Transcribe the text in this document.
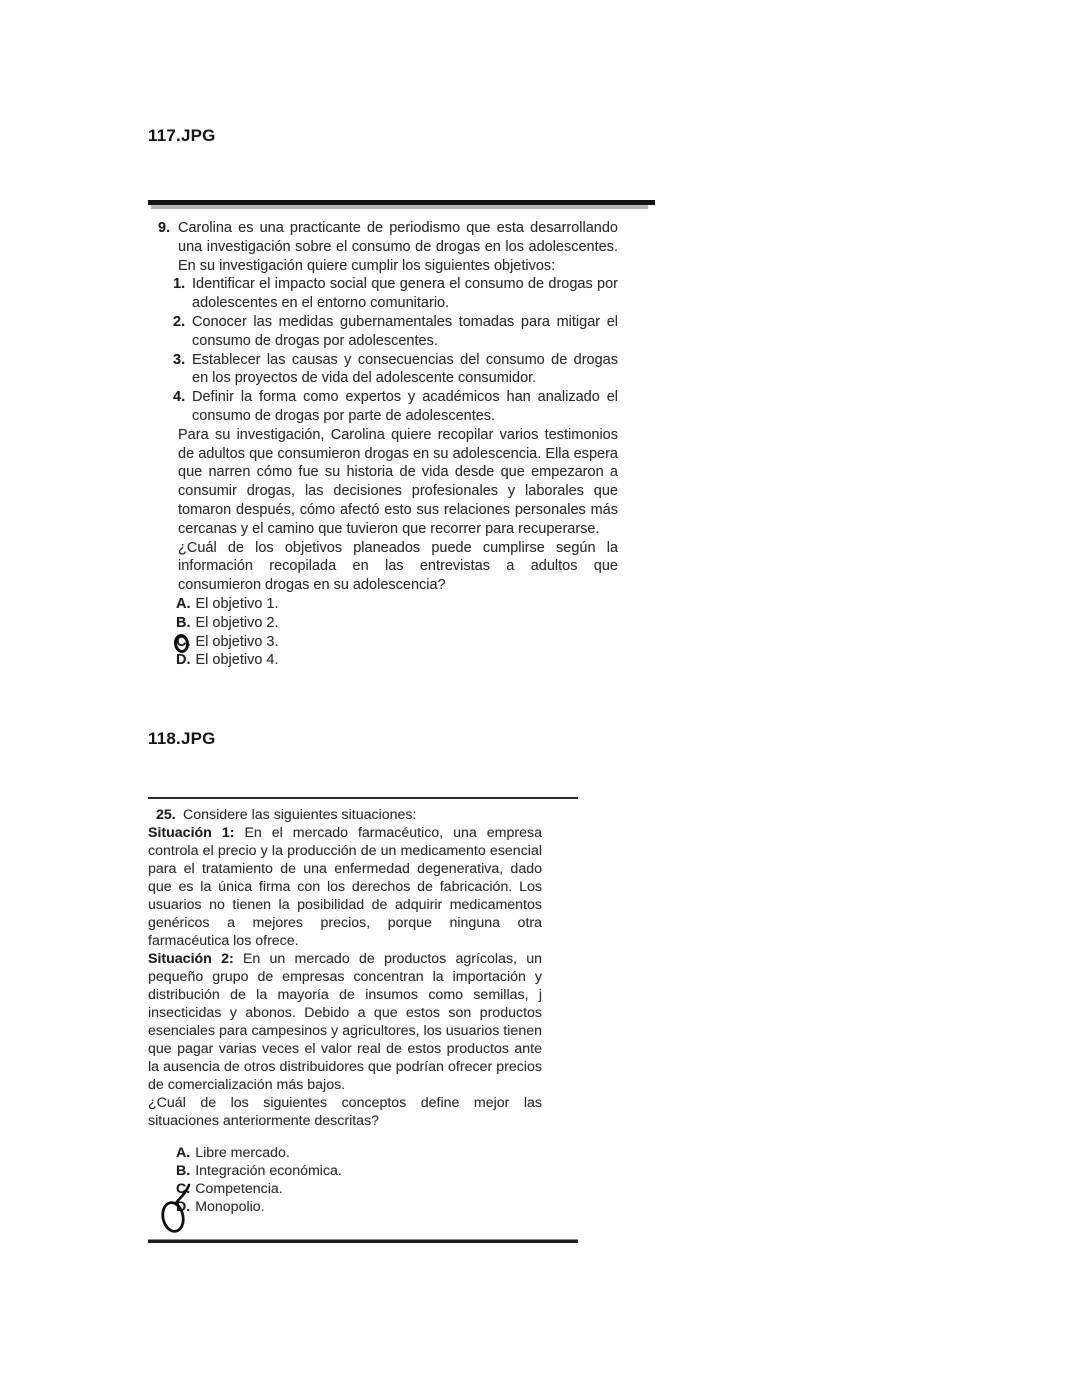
117.JPG
9. Carolina es una practicante de periodismo que esta desarrollando una investigación sobre el consumo de drogas en los adolescentes. En su investigación quiere cumplir los siguientes objetivos:

1. Identificar el impacto social que genera el consumo de drogas por adolescentes en el entorno comunitario.

2. Conocer las medidas gubernamentales tomadas para mitigar el consumo de drogas por adolescentes.

3. Establecer las causas y consecuencias del consumo de drogas en los proyectos de vida del adolescente consumidor.

4. Definir la forma como expertos y académicos han analizado el consumo de drogas por parte de adolescentes.

Para su investigación, Carolina quiere recopilar varios testimonios de adultos que consumieron drogas en su adolescencia. Ella espera que narren cómo fue su historia de vida desde que empezaron a consumir drogas, las decisiones profesionales y laborales que tomaron después, cómo afectó esto sus relaciones personales más cercanas y el camino que tuvieron que recorrer para recuperarse.

¿Cuál de los objetivos planeados puede cumplirse según la información recopilada en las entrevistas a adultos que consumieron drogas en su adolescencia?

A. El objetivo 1.
B. El objetivo 2.
C. El objetivo 3.
D. El objetivo 4.
118.JPG
25. Considere las siguientes situaciones:

Situación 1: En el mercado farmacéutico, una empresa controla el precio y la producción de un medicamento esencial para el tratamiento de una enfermedad degenerativa, dado que es la única firma con los derechos de fabricación. Los usuarios no tienen la posibilidad de adquirir medicamentos genéricos a mejores precios, porque ninguna otra farmacéutica los ofrece.

Situación 2: En un mercado de productos agrícolas, un pequeño grupo de empresas concentran la importación y distribución de la mayoría de insumos como semillas, j insecticidas y abonos. Debido a que estos son productos esenciales para campesinos y agricultores, los usuarios tienen que pagar varias veces el valor real de estos productos ante la ausencia de otros distribuidores que podrían ofrecer precios de comercialización más bajos.

¿Cuál de los siguientes conceptos define mejor las situaciones anteriormente descritas?

A. Libre mercado.
B. Integración económica.
C. Competencia.
D. Monopolio.
